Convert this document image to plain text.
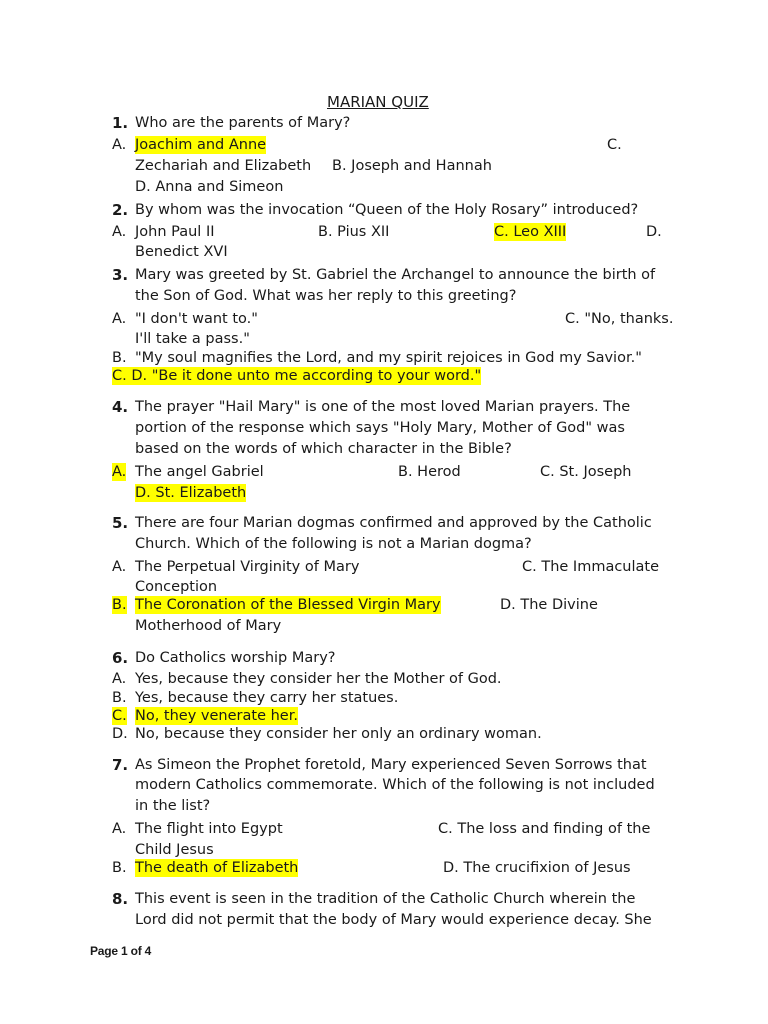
MARIAN QUIZ
1. Who are the parents of Mary?
A. Joachim and Anne	C.
Zechariah and Elizabeth B. Joseph and Hannah
D. Anna and Simeon
2. By whom was the invocation “Queen of the Holy Rosary” introduced?
A. John Paul II	B. Pius XII	C. Leo XIII	D.
Benedict XVI
3. Mary was greeted by St. Gabriel the Archangel to announce the birth of
the Son of God. What was her reply to this greeting?
A. "I don't want to."	C. "No, thanks.
I'll take a pass."
B. "My soul magnifies the Lord, and my spirit rejoices in God my Savior."
C. D. "Be it done unto me according to your word."
4. The prayer "Hail Mary" is one of the most loved Marian prayers. The
portion of the response which says "Holy Mary, Mother of God" was
based on the words of which character in the Bible?
A. The angel Gabriel	B. Herod	C. St. Joseph
D. St. Elizabeth
5. There are four Marian dogmas confirmed and approved by the Catholic
Church. Which of the following is not a Marian dogma?
A. The Perpetual Virginity of Mary	C. The Immaculate
Conception
B. The Coronation of the Blessed Virgin Mary	D. The Divine
Motherhood of Mary
6. Do Catholics worship Mary?
A. Yes, because they consider her the Mother of God.
B. Yes, because they carry her statues.
C. No, they venerate her.
D. No, because they consider her only an ordinary woman.
7. As Simeon the Prophet foretold, Mary experienced Seven Sorrows that
modern Catholics commemorate. Which of the following is not included
in the list?
A. The flight into Egypt	C. The loss and finding of the
Child Jesus
B. The death of Elizabeth	D. The crucifixion of Jesus
8. This event is seen in the tradition of the Catholic Church wherein the
Lord did not permit that the body of Mary would experience decay. She
Page 1 of 4
